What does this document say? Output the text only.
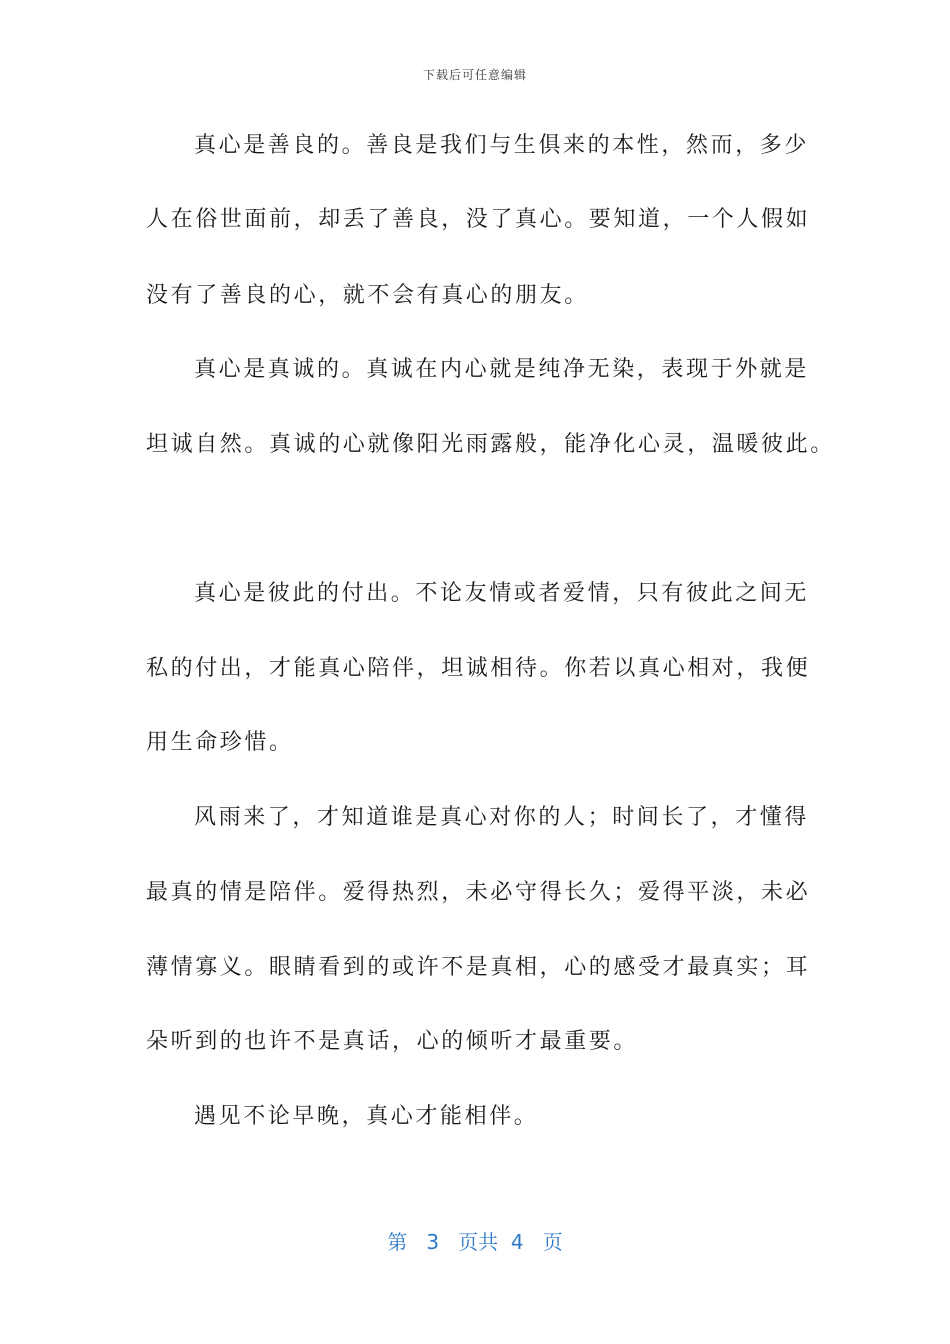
下载后可任意编辑
真心是善良的。善良是我们与生俱来的本性，然而，多少
人在俗世面前，却丢了善良，没了真心。要知道，一个人假如
没有了善良的心，就不会有真心的朋友。
真心是真诚的。真诚在内心就是纯净无染，表现于外就是
坦诚自然。真诚的心就像阳光雨露般，能净化心灵，温暖彼此。
真心是彼此的付出。不论友情或者爱情，只有彼此之间无
私的付出，才能真心陪伴，坦诚相待。你若以真心相对，我便
用生命珍惜。
风雨来了，才知道谁是真心对你的人；时间长了，才懂得
最真的情是陪伴。爱得热烈，未必守得长久；爱得平淡，未必
薄情寡义。眼睛看到的或许不是真相，心的感受才最真实；耳
朵听到的也许不是真话，心的倾听才最重要。
遇见不论早晚，真心才能相伴。
第 3 页共 4 页
